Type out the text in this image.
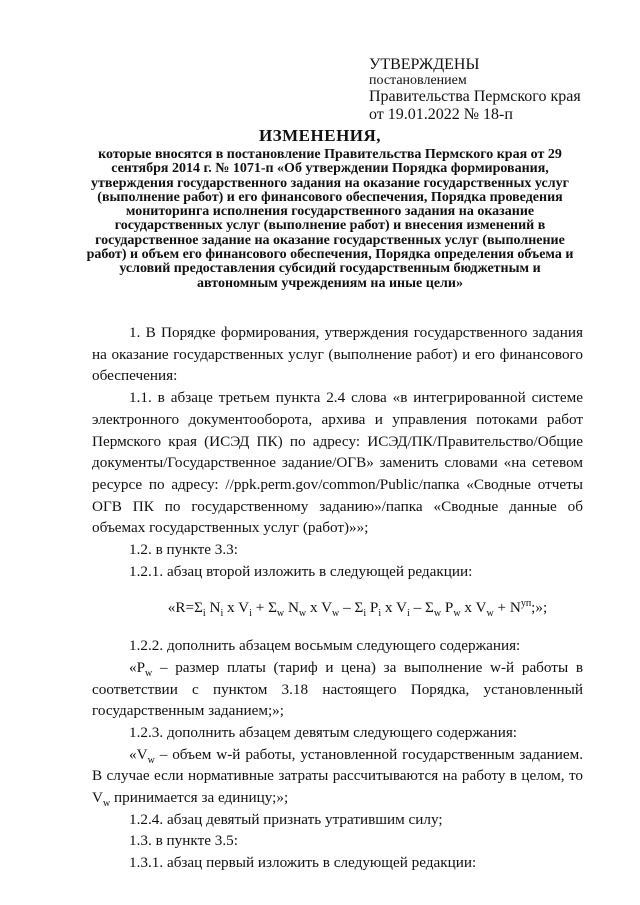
УТВЕРЖДЕНЫ
постановлением
Правительства Пермского края
от 19.01.2022 № 18-п
ИЗМЕНЕНИЯ,
которые вносятся в постановление Правительства Пермского края от 29 сентября 2014 г. № 1071-п «Об утверждении Порядка формирования, утверждения государственного задания на оказание государственных услуг (выполнение работ) и его финансового обеспечения, Порядка проведения мониторинга исполнения государственного задания на оказание государственных услуг (выполнение работ) и внесения изменений в государственное задание на оказание государственных услуг (выполнение работ) и объем его финансового обеспечения, Порядка определения объема и условий предоставления субсидий государственным бюджетным и автономным учреждениям на иные цели»

1. В Порядке формирования, утверждения государственного задания на оказание государственных услуг (выполнение работ) и его финансового обеспечения:

1.1. в абзаце третьем пункта 2.4 слова «в интегрированной системе электронного документооборота, архива и управления потоками работ Пермского края (ИСЭД ПК) по адресу: ИСЭД/ПК/Правительство/Общие документы/Государственное задание/ОГВ» заменить словами «на сетевом ресурсе по адресу: //ppk.perm.gov/common/Public/папка «Сводные отчеты ОГВ ПК по государственному заданию»/папка «Сводные данные об объемах государственных услуг (работ)»»;

1.2. в пункте 3.3:

1.2.1. абзац второй изложить в следующей редакции:

«$R=\Sigma_i$ $N_i$ x $V_i + \Sigma_w$ $N_w$ x $V_w - \Sigma_i$ $P_i$ x $V_i - \Sigma_w$ $P_w$ x $V_w + N^{уп}$;»;

1.2.2. дополнить абзацем восьмым следующего содержания:

«$P_w$ – размер платы (тариф и цена) за выполнение w-й работы в соответствии с пунктом 3.18 настоящего Порядка, установленный государственным заданием;»;

1.2.3. дополнить абзацем девятым следующего содержания:

«$V_w$ – объем w-й работы, установленной государственным заданием. В случае если нормативные затраты рассчитываются на работу в целом, то $V_w$ принимается за единицу;»;

1.2.4. абзац девятый признать утратившим силу;

1.3. в пункте 3.5:

1.3.1. абзац первый изложить в следующей редакции:
